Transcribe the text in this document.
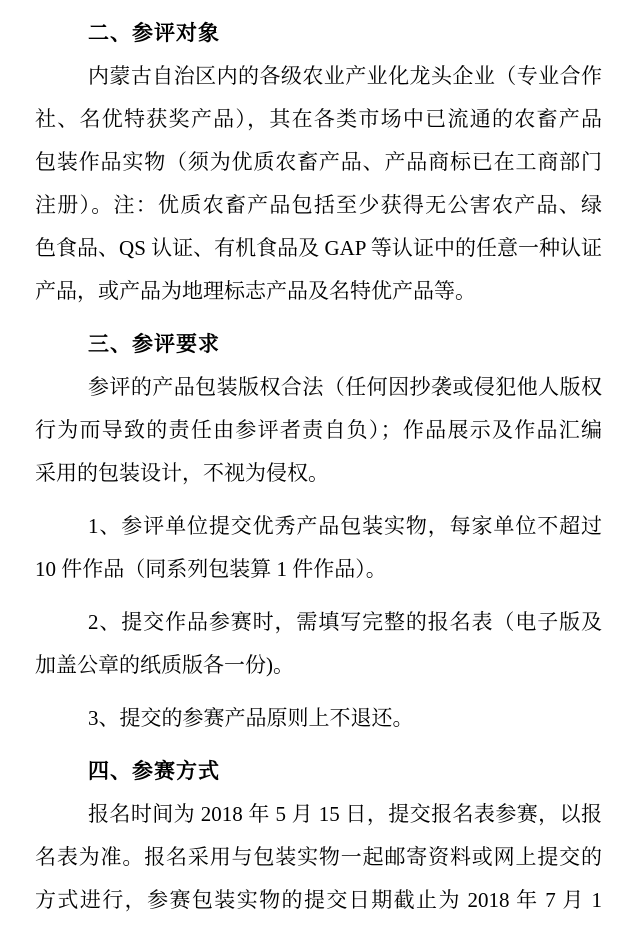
二、参评对象
内蒙古自治区内的各级农业产业化龙头企业（专业合作
社、名优特获奖产品），其在各类市场中已流通的农畜产品
包装作品实物（须为优质农畜产品、产品商标已在工商部门
注册）。注：优质农畜产品包括至少获得无公害农产品、绿
色食品、QS 认证、有机食品及 GAP 等认证中的任意一种认证
产品，或产品为地理标志产品及名特优产品等。
三、参评要求
参评的产品包装版权合法（任何因抄袭或侵犯他人版权
行为而导致的责任由参评者责自负）；作品展示及作品汇编
采用的包装设计，不视为侵权。
1、参评单位提交优秀产品包装实物，每家单位不超过
10 件作品（同系列包装算 1 件作品）。
2、提交作品参赛时，需填写完整的报名表（电子版及
加盖公章的纸质版各一份)。
3、提交的参赛产品原则上不退还。
四、参赛方式
报名时间为 2018 年 5 月 15 日，提交报名表参赛，以报
名表为准。报名采用与包装实物一起邮寄资料或网上提交的
方式进行，参赛包装实物的提交日期截止为 2018 年 7 月 1
